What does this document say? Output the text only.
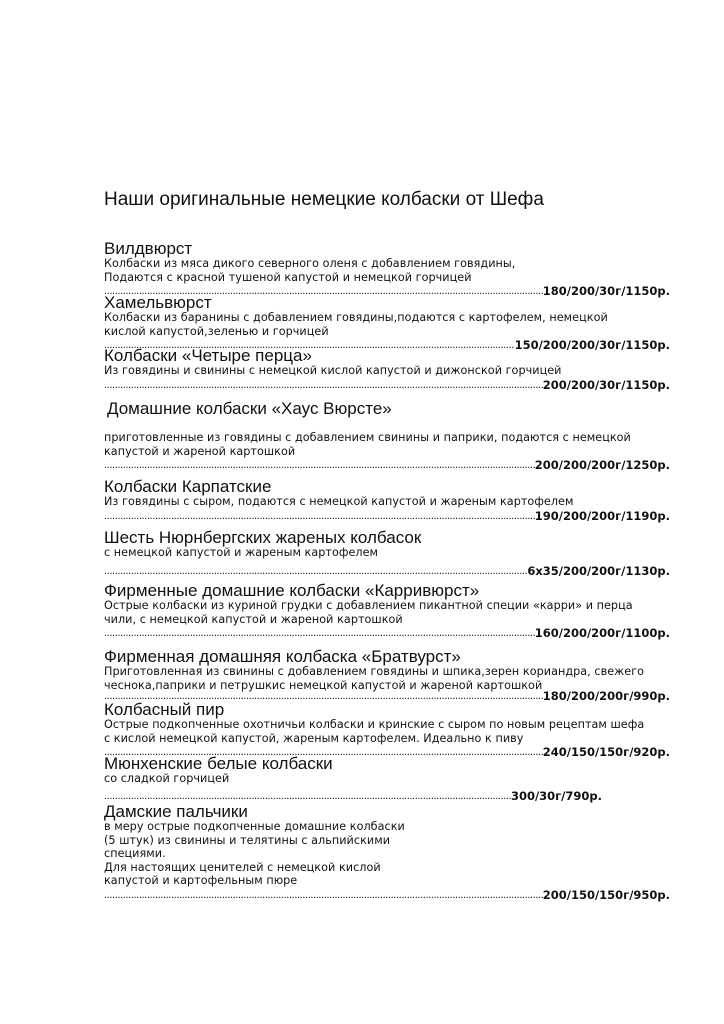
Наши оригинальные немецкие колбаски от Шефа
Вилдвюрст
Колбаски из мяса дикого северного оленя с добавлением говядины,
Подаются с красной тушеной капустой и немецкой горчицей
.....
180/200/30г/1150р.
Хамельвюрст
Колбаски из баранины с добавлением говядины,подаются с картофелем, немецкой
кислой капустой,зеленью и горчицей
.....
150/200/200/30г/1150р.
Колбаски «Четыре перца»
Из говядины и свинины с немецкой кислой капустой и дижонской горчицей
.....
200/200/30г/1150р.
Домашние колбаски «Хаус Вюрсте»
приготовленные из говядины с добавлением свинины и паприки, подаются с немецкой
капустой и жареной картошкой
.....
200/200/200г/1250р.
Колбаски Карпатские
Из говядины с сыром, подаются с немецкой капустой и жареным картофелем
.....
190/200/200г/1190р.
Шесть Нюрнбергских жареных колбасок
с немецкой капустой и жареным картофелем
.....
6х35/200/200г/1130р.
Фирменные домашние колбаски «Карривюрст»
Острые колбаски из куриной грудки с добавлением пикантной специи «карри» и перца
чили, с немецкой капустой и жареной картошкой
.....
160/200/200г/1100р.
Фирменная домашняя колбаска «Братвурст»
Приготовленная из свинины с добавлением говядины и шпика,зерен кориандра, свежего
чеснока,паприки и петрушкис немецкой капустой и жареной картошкой
.....
180/200/200г/990р.
Колбасный пир
Острые подкопченные охотничьи колбаски и кринские с сыром по новым рецептам шефа
с кислой немецкой капустой, жареным картофелем. Идеально к пиву
.....
240/150/150г/920р.
Мюнхенские белые колбаски
со сладкой горчицей
.....
300/30г/790р.
Дамские пальчики
в меру острые подкопченные домашние колбаски
(5 штук) из свинины и телятины с альпийскими
специями.
Для настоящих ценителей с немецкой кислой
капустой и картофельным пюре
.....
200/150/150г/950р.
